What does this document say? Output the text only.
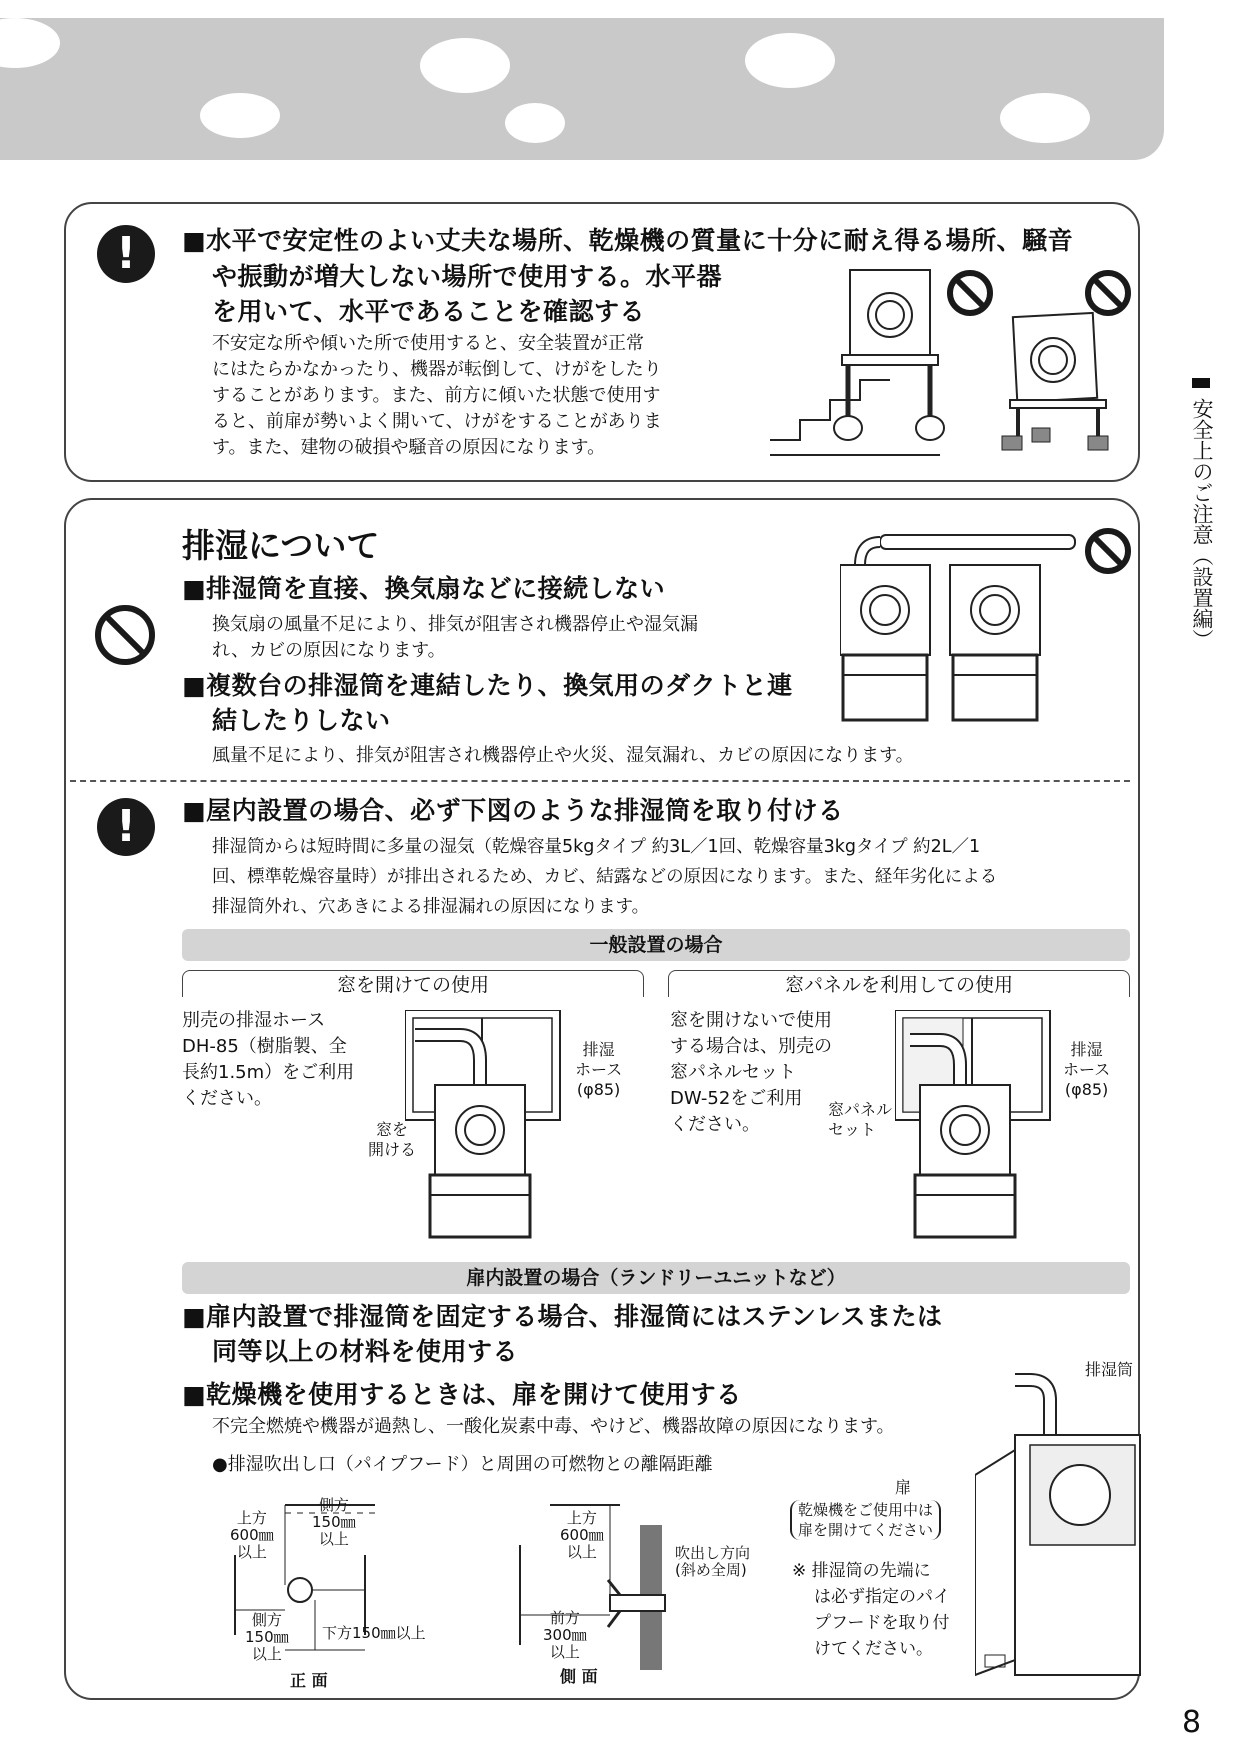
安全上のご注意（設置編）
8
!	■水平で安定性のよい丈夫な場所、乾燥機の質量に十分に耐え得る場所、騒音
や振動が増大しない場所で使用する。水平器
を用いて、水平であることを確認する
不安定な所や傾いた所で使用すると、安全装置が正常
にはたらかなかったり、機器が転倒して、けがをしたり
することがあります。また、前方に傾いた状態で使用す
ると、前扉が勢いよく開いて、けがをすることがありま
す。また、建物の破損や騒音の原因になります。
排湿について
■排湿筒を直接、換気扇などに接続しない
換気扇の風量不足により、排気が阻害され機器停止や湿気漏
れ、カビの原因になります。
■複数台の排湿筒を連結したり、換気用のダクトと連
結したりしない
風量不足により、排気が阻害され機器停止や火災、湿気漏れ、カビの原因になります。
!	■屋内設置の場合、必ず下図のような排湿筒を取り付ける
排湿筒からは短時間に多量の湿気（乾燥容量5kgタイプ 約3L／1回、乾燥容量3kgタイプ 約2L／1
回、標準乾燥容量時）が排出されるため、カビ、結露などの原因になります。また、経年劣化による
排湿筒外れ、穴あきによる排湿漏れの原因になります。
一般設置の場合
窓を開けての使用	窓パネルを利用しての使用
別売の排湿ホース
DH-85（樹脂製、全
長約1.5m）をご利用
ください。
排湿
ホース
(φ85)
窓を
開ける
窓を開けないで使用
する場合は、別売の
窓パネルセット
DW-52をご利用
ください。
排湿
ホース
(φ85)
窓パネル
セット
扉内設置の場合（ランドリーユニットなど）
■扉内設置で排湿筒を固定する場合、排湿筒にはステンレスまたは
同等以上の材料を使用する
■乾燥機を使用するときは、扉を開けて使用する
不完全燃焼や機器が過熱し、一酸化炭素中毒、やけど、機器故障の原因になります。
●排湿吹出し口（パイプフード）と周囲の可燃物との離隔距離
上方
600㎜
以上
側方
150㎜
以上
側方
150㎜
以上
下方150㎜以上
正 面
上方
600㎜
以上	吹出し方向
(斜め全周)
前方
300㎜
以上
側 面
排湿筒
扉
乾燥機をご使用中は
扉を開けてください
※ 排湿筒の先端に
は必ず指定のパイ
プフードを取り付
けてください。
